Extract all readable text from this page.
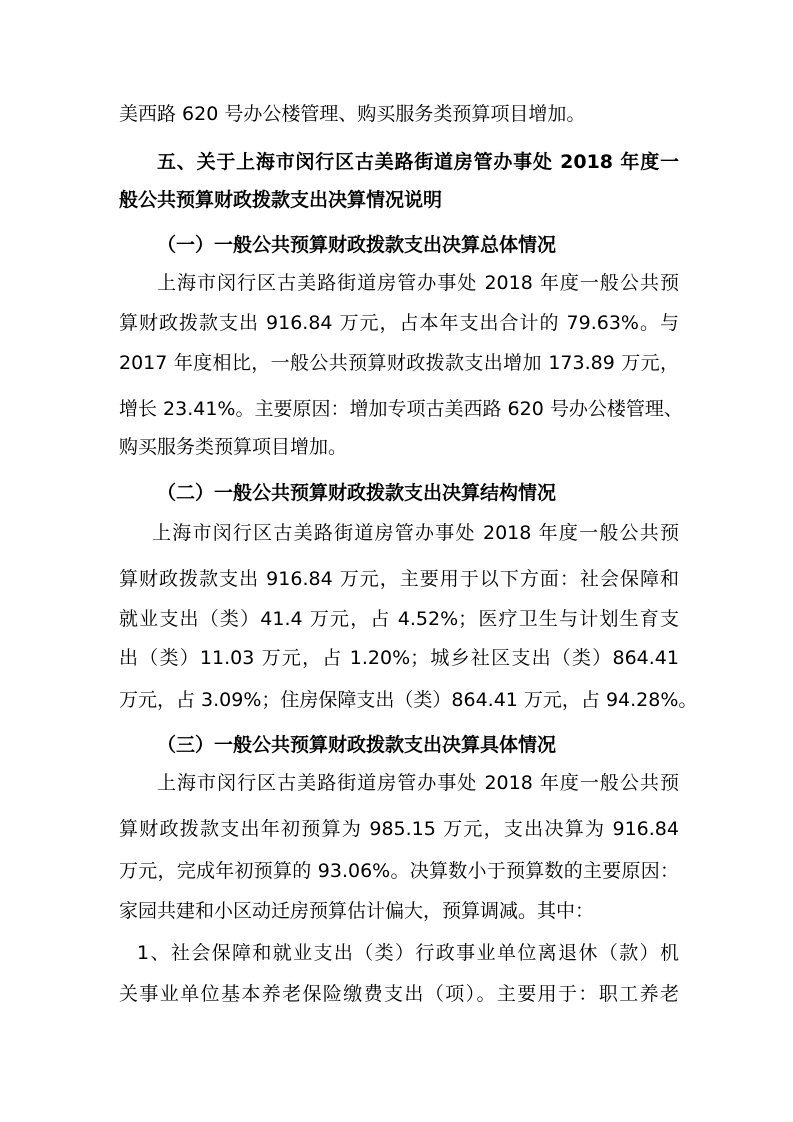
美西路 620 号办公楼管理、购买服务类预算项目增加。
五、关于上海市闵行区古美路街道房管办事处 2018 年度一
般公共预算财政拨款支出决算情况说明
（一）一般公共预算财政拨款支出决算总体情况
上海市闵行区古美路街道房管办事处 2018 年度一般公共预
算财政拨款支出 916.84 万元，占本年支出合计的 79.63%。与
2017 年度相比，一般公共预算财政拨款支出增加 173.89 万元，
增长 23.41%。主要原因：增加专项古美西路 620 号办公楼管理、
购买服务类预算项目增加。
（二）一般公共预算财政拨款支出决算结构情况
上海市闵行区古美路街道房管办事处 2018 年度一般公共预
算财政拨款支出 916.84 万元，主要用于以下方面：社会保障和
就业支出（类）41.4 万元，占 4.52%；医疗卫生与计划生育支
出（类）11.03 万元，占 1.20%；城乡社区支出（类）864.41
万元，占 3.09%；住房保障支出（类）864.41 万元，占 94.28%。
（三）一般公共预算财政拨款支出决算具体情况
上海市闵行区古美路街道房管办事处 2018 年度一般公共预
算财政拨款支出年初预算为 985.15 万元，支出决算为 916.84
万元，完成年初预算的 93.06%。决算数小于预算数的主要原因：
家园共建和小区动迁房预算估计偏大，预算调减。其中：
1、社会保障和就业支出（类）行政事业单位离退休（款）机
关事业单位基本养老保险缴费支出（项）。主要用于：职工养老
